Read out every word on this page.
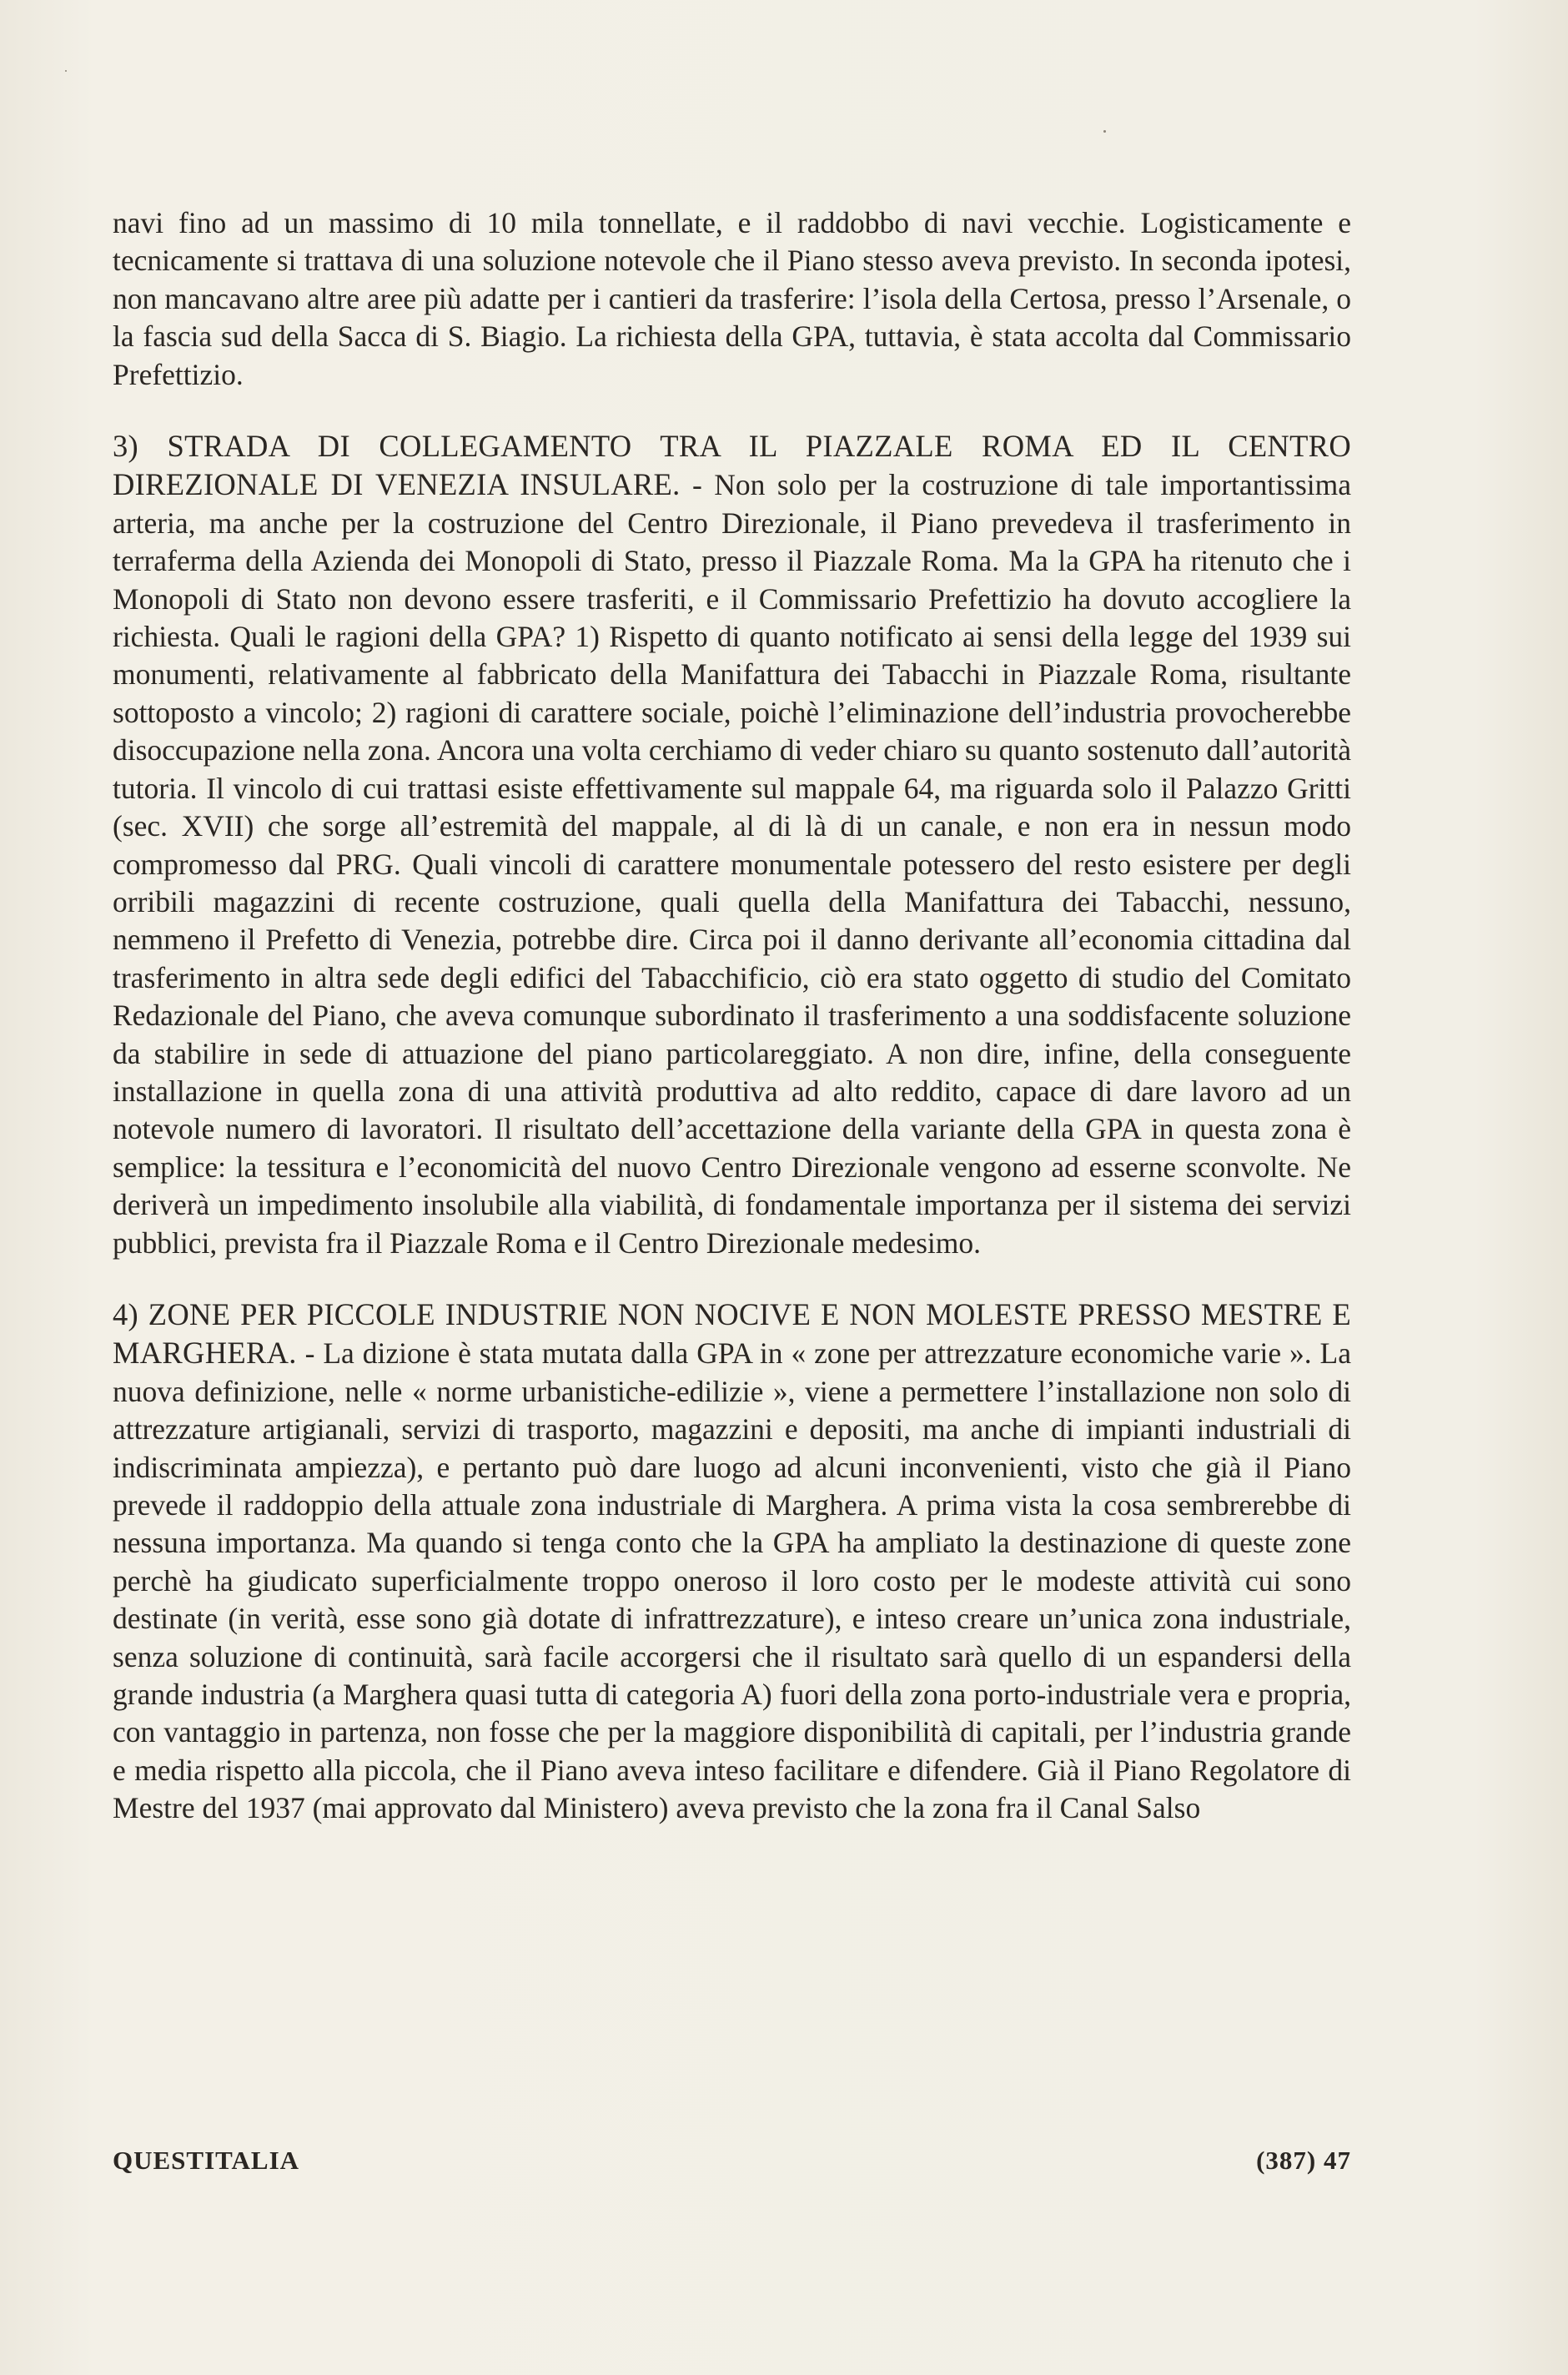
navi fino ad un massimo di 10 mila tonnellate, e il raddobbo di navi vecchie. Logisticamente e tecnicamente si trattava di una soluzione notevole che il Piano stesso aveva previsto. In seconda ipotesi, non mancavano altre aree più adatte per i cantieri da trasferire: l’isola della Certosa, presso l’Arsenale, o la fascia sud della Sacca di S. Biagio. La richiesta della GPA, tuttavia, è stata accolta dal Commissario Prefettizio.

3) STRADA DI COLLEGAMENTO TRA IL PIAZZALE ROMA ED IL CENTRO DIREZIONALE DI VENEZIA INSULARE. - Non solo per la costruzione di tale importantissima arteria, ma anche per la costruzione del Centro Direzionale, il Piano prevedeva il trasferimento in terraferma della Azienda dei Monopoli di Stato, presso il Piazzale Roma. Ma la GPA ha ritenuto che i Monopoli di Stato non devono essere trasferiti, e il Commissario Prefettizio ha dovuto accogliere la richiesta. Quali le ragioni della GPA? 1) Rispetto di quanto notificato ai sensi della legge del 1939 sui monumenti, relativamente al fabbricato della Manifattura dei Tabacchi in Piazzale Roma, risultante sottoposto a vincolo; 2) ragioni di carattere sociale, poichè l’eliminazione dell’industria provocherebbe disoccupazione nella zona. Ancora una volta cerchiamo di veder chiaro su quanto sostenuto dall’autorità tutoria. Il vincolo di cui trattasi esiste effettivamente sul mappale 64, ma riguarda solo il Palazzo Gritti (sec. XVII) che sorge all’estremità del mappale, al di là di un canale, e non era in nessun modo compromesso dal PRG. Quali vincoli di carattere monumentale potessero del resto esistere per degli orribili magazzini di recente costruzione, quali quella della Manifattura dei Tabacchi, nessuno, nemmeno il Prefetto di Venezia, potrebbe dire. Circa poi il danno derivante all’economia cittadina dal trasferimento in altra sede degli edifici del Tabacchificio, ciò era stato oggetto di studio del Comitato Redazionale del Piano, che aveva comunque subordinato il trasferimento a una soddisfacente soluzione da stabilire in sede di attuazione del piano particolareggiato. A non dire, infine, della conseguente installazione in quella zona di una attività produttiva ad alto reddito, capace di dare lavoro ad un notevole numero di lavoratori. Il risultato dell’accettazione della variante della GPA in questa zona è semplice: la tessitura e l’economicità del nuovo Centro Direzionale vengono ad esserne sconvolte. Ne deriverà un impedimento insolubile alla viabilità, di fondamentale importanza per il sistema dei servizi pubblici, prevista fra il Piazzale Roma e il Centro Direzionale medesimo.

4) ZONE PER PICCOLE INDUSTRIE NON NOCIVE E NON MOLESTE PRESSO MESTRE E MARGHERA. - La dizione è stata mutata dalla GPA in « zone per attrezzature economiche varie ». La nuova definizione, nelle « norme urbanistiche-edilizie », viene a permettere l’installazione non solo di attrezzature artigianali, servizi di trasporto, magazzini e depositi, ma anche di impianti industriali di indiscriminata ampiezza), e pertanto può dare luogo ad alcuni inconvenienti, visto che già il Piano prevede il raddoppio della attuale zona industriale di Marghera. A prima vista la cosa sembrerebbe di nessuna importanza. Ma quando si tenga conto che la GPA ha ampliato la destinazione di queste zone perchè ha giudicato superficialmente troppo oneroso il loro costo per le modeste attività cui sono destinate (in verità, esse sono già dotate di infrattrezzature), e inteso creare un’unica zona industriale, senza soluzione di continuità, sarà facile accorgersi che il risultato sarà quello di un espandersi della grande industria (a Marghera quasi tutta di categoria A) fuori della zona porto-industriale vera e propria, con vantaggio in partenza, non fosse che per la maggiore disponibilità di capitali, per l’industria grande e media rispetto alla piccola, che il Piano aveva inteso facilitare e difendere. Già il Piano Regolatore di Mestre del 1937 (mai approvato dal Ministero) aveva previsto che la zona fra il Canal Salso

QUESTITALIA	(387) 47
